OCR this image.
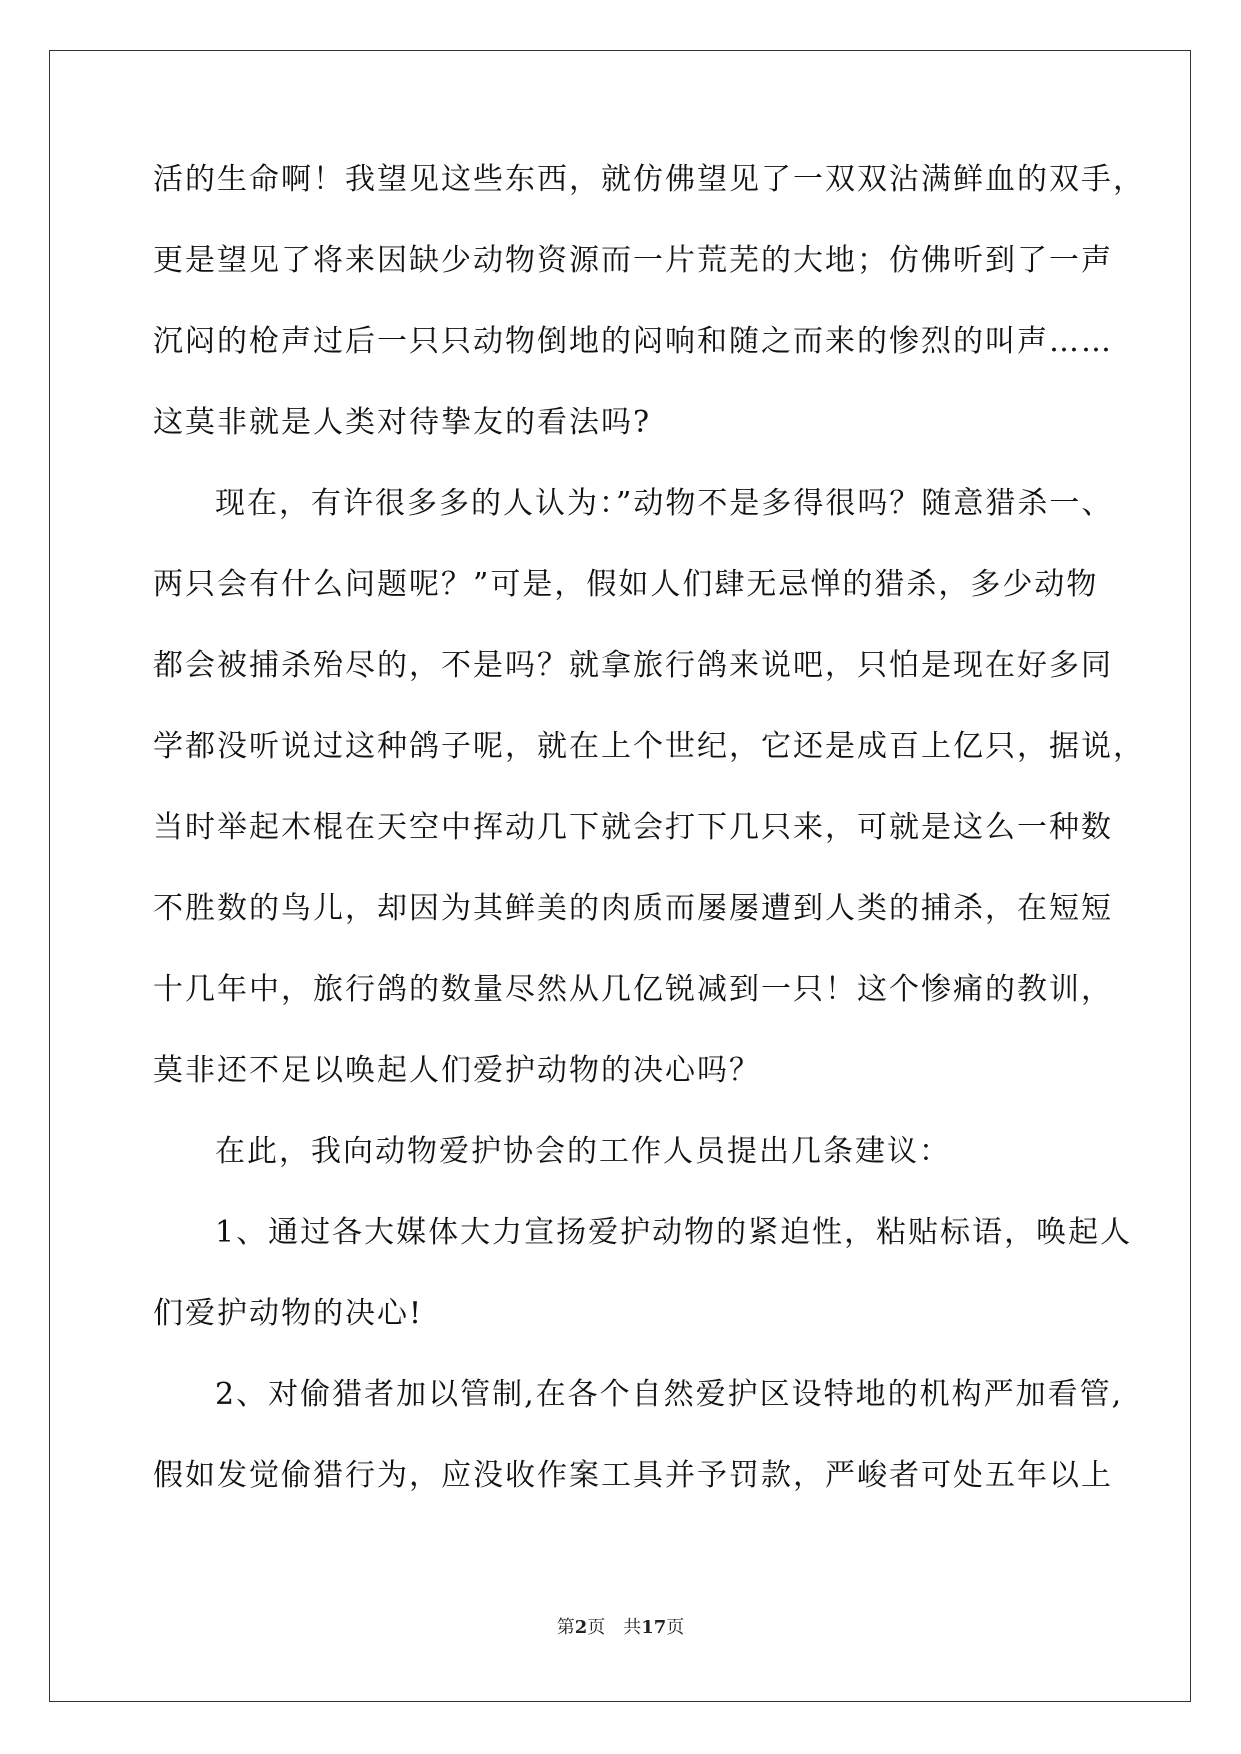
活的生命啊！我望见这些东西，就仿佛望见了一双双沾满鲜血的双手，
更是望见了将来因缺少动物资源而一片荒芜的大地；仿佛听到了一声
沉闷的枪声过后一只只动物倒地的闷响和随之而来的惨烈的叫声……
这莫非就是人类对待挚友的看法吗?
现在，有许很多多的人认为：”动物不是多得很吗？随意猎杀一、
两只会有什么问题呢？”可是，假如人们肆无忌惮的猎杀，多少动物
都会被捕杀殆尽的，不是吗？就拿旅行鸽来说吧，只怕是现在好多同
学都没听说过这种鸽子呢，就在上个世纪，它还是成百上亿只，据说，
当时举起木棍在天空中挥动几下就会打下几只来，可就是这么一种数
不胜数的鸟儿，却因为其鲜美的肉质而屡屡遭到人类的捕杀，在短短
十几年中，旅行鸽的数量尽然从几亿锐减到一只！这个惨痛的教训，
莫非还不足以唤起人们爱护动物的决心吗？
在此，我向动物爱护协会的工作人员提出几条建议：
1、通过各大媒体大力宣扬爱护动物的紧迫性，粘贴标语，唤起人
们爱护动物的决心!
2、对偷猎者加以管制,在各个自然爱护区设特地的机构严加看管,
假如发觉偷猎行为，应没收作案工具并予罚款，严峻者可处五年以上
第2页 共17页
